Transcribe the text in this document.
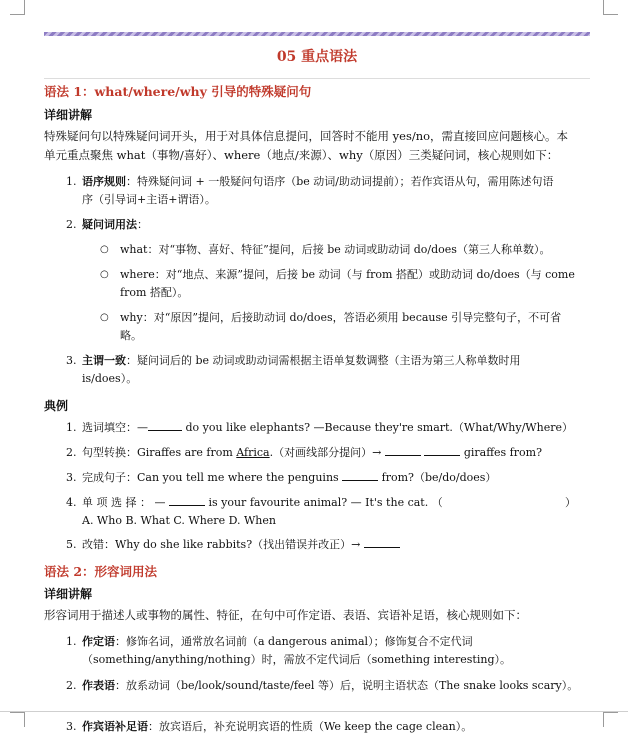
05 重点语法
语法 1：what/where/why 引导的特殊疑问句
详细讲解
特殊疑问句以特殊疑问词开头，用于对具体信息提问，回答时不能用 yes/no，需直接回应问题核心。本
单元重点聚焦 what（事物/喜好）、where（地点/来源）、why（原因）三类疑问词，核心规则如下：
1. 语序规则：特殊疑问词 + 一般疑问句语序（be 动词/助动词提前）；若作宾语从句，需用陈述句语
序（引导词+主语+谓语）。
2. 疑问词用法：
○ what：对“事物、喜好、特征”提问，后接 be 动词或助动词 do/does（第三人称单数）。
○ where：对“地点、来源”提问，后接 be 动词（与 from 搭配）或助动词 do/does（与 come
from 搭配）。
○ why：对“原因”提问，后接助动词 do/does，答语必须用 because 引导完整句子，不可省
略。
3. 主谓一致：疑问词后的 be 动词或助动词需根据主语单复数调整（主语为第三人称单数时用
is/does）。
典例
1. 选词填空：—	do you like elephants? —Because they're smart.（What/Why/Where）
2. 句型转换：Giraffes are from Africa.（对画线部分提问）→	giraffes from?
3. 完成句子：Can you tell me where the penguins	from?（be/do/does）
4. 单 项 选 择 ： —	is your favourite animal? — It's the cat. （	）

A. Who B. What C. Where D. When
5. 改错：Why do she like rabbits?（找出错误并改正）→
语法 2：形容词用法
详细讲解
形容词用于描述人或事物的属性、特征，在句中可作定语、表语、宾语补足语，核心规则如下：
1. 作定语：修饰名词，通常放名词前（a dangerous animal）；修饰复合不定代词
（something/anything/nothing）时，需放不定代词后（something interesting）。
2. 作表语：放系动词（be/look/sound/taste/feel 等）后，说明主语状态（The snake looks scary）。
3. 作宾语补足语：放宾语后，补充说明宾语的性质（We keep the cage clean）。
